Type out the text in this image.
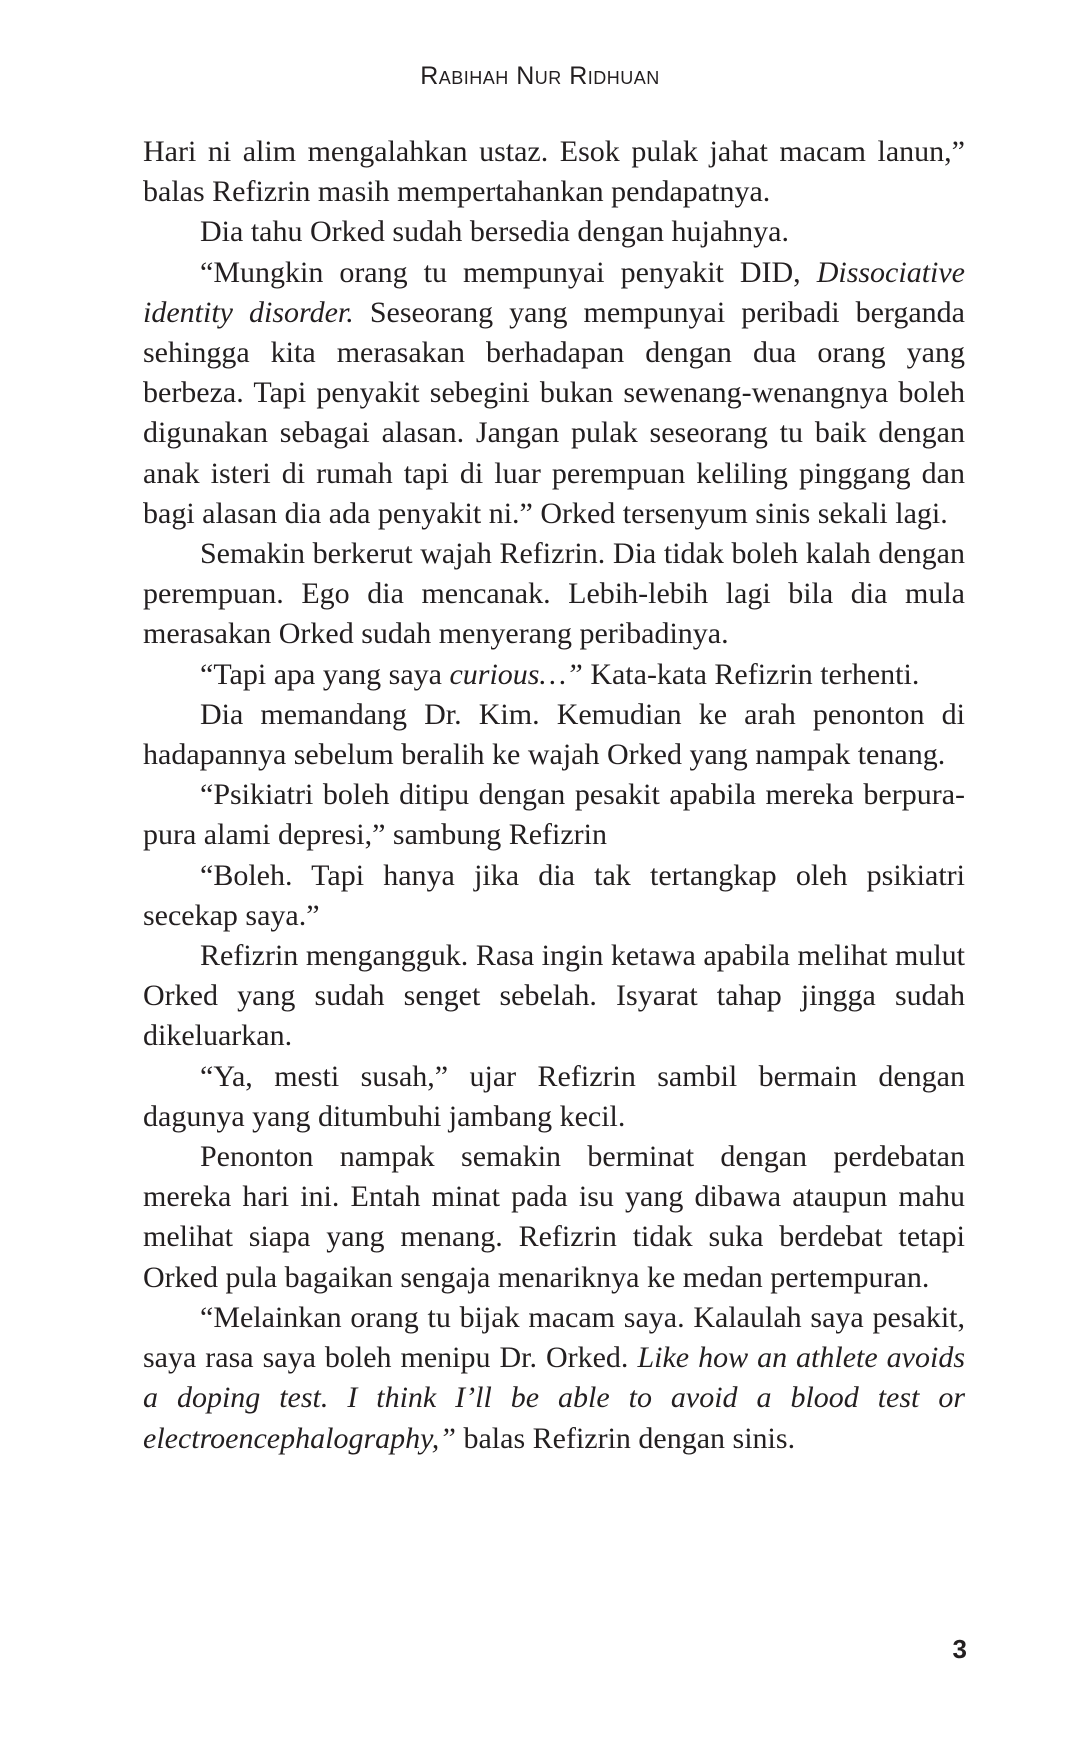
Rabihah Nur Ridhuan

Hari ni alim mengalahkan ustaz. Esok pulak jahat macam lanun,” balas Refizrin masih mempertahankan pendapatnya.

Dia tahu Orked sudah bersedia dengan hujahnya.

“Mungkin orang tu mempunyai penyakit DID, Dissociative identity disorder. Seseorang yang mempunyai peribadi berganda sehingga kita merasakan berhadapan dengan dua orang yang berbeza. Tapi penyakit sebegini bukan sewenang-wenangnya boleh digunakan sebagai alasan. Jangan pulak seseorang tu baik dengan anak isteri di rumah tapi di luar perempuan keliling pinggang dan bagi alasan dia ada penyakit ni.” Orked tersenyum sinis sekali lagi.

Semakin berkerut wajah Refizrin. Dia tidak boleh kalah dengan perempuan. Ego dia mencanak. Lebih-lebih lagi bila dia mula merasakan Orked sudah menyerang peribadinya.

“Tapi apa yang saya curious…” Kata-kata Refizrin terhenti.

Dia memandang Dr. Kim. Kemudian ke arah penonton di hadapannya sebelum beralih ke wajah Orked yang nampak tenang.

“Psikiatri boleh ditipu dengan pesakit apabila mereka berpura-pura alami depresi,” sambung Refizrin

“Boleh. Tapi hanya jika dia tak tertangkap oleh psikiatri secekap saya.”

Refizrin mengangguk. Rasa ingin ketawa apabila melihat mulut Orked yang sudah senget sebelah. Isyarat tahap jingga sudah dikeluarkan.

“Ya, mesti susah,” ujar Refizrin sambil bermain dengan dagunya yang ditumbuhi jambang kecil.

Penonton nampak semakin berminat dengan perdebatan mereka hari ini. Entah minat pada isu yang dibawa ataupun mahu melihat siapa yang menang. Refizrin tidak suka berdebat tetapi Orked pula bagaikan sengaja menariknya ke medan pertempuran.

“Melainkan orang tu bijak macam saya. Kalaulah saya pesakit, saya rasa saya boleh menipu Dr. Orked. Like how an athlete avoids a doping test. I think I’ll be able to avoid a blood test or electroencephalography,” balas Refizrin dengan sinis.

3
